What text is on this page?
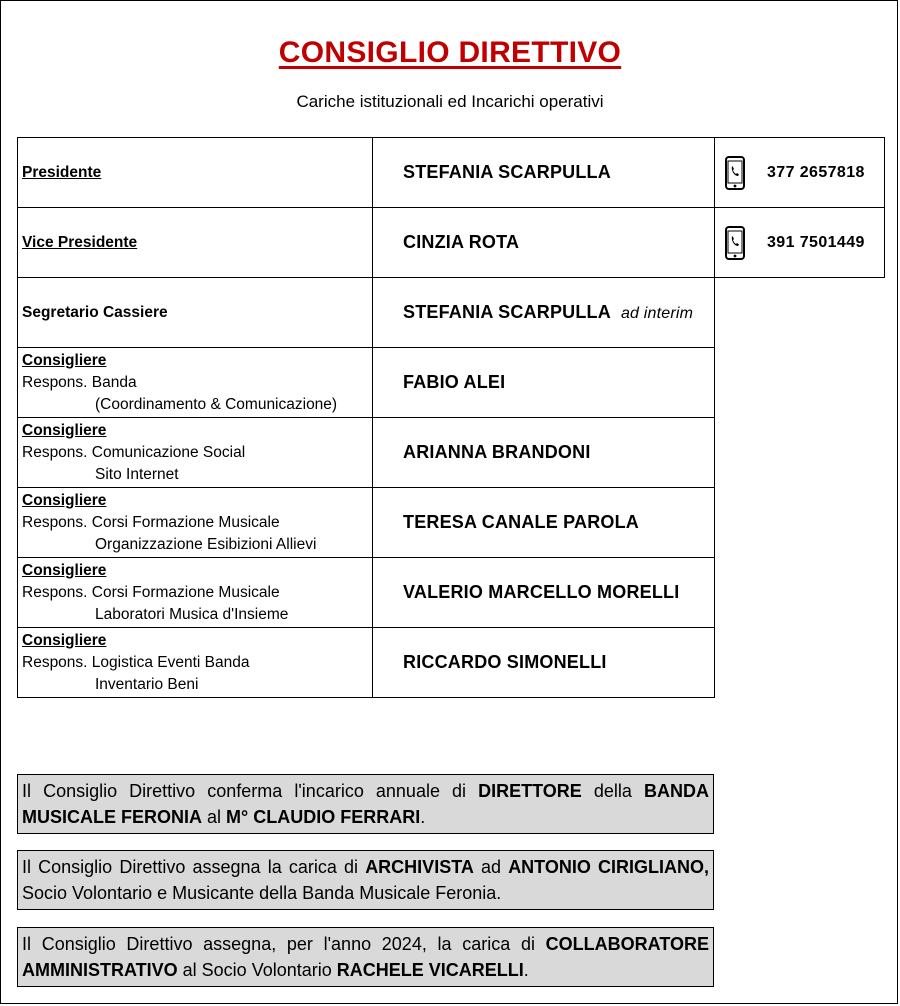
CONSIGLIO DIRETTIVO
Cariche istituzionali ed Incarichi operativi
Presidente	STEFANIA SCARPULLA	377 2657818

Vice Presidente	CINZIA ROTA	391 7501449

Segretario Cassiere	STEFANIA SCARPULLA ad interim	
Consigliere
Respons. Banda
(Coordinamento & Comunicazione)	FABIO ALEI	
Consigliere
Respons. Comunicazione Social
Sito Internet	ARIANNA BRANDONI	
Consigliere
Respons. Corsi Formazione Musicale
Organizzazione Esibizioni Allievi	TERESA CANALE PAROLA	
Consigliere
Respons. Corsi Formazione Musicale
Laboratori Musica d'Insieme	VALERIO MARCELLO MORELLI	
Consigliere
Respons. Logistica Eventi Banda
Inventario Beni	RICCARDO SIMONELLI	
Il Consiglio Direttivo conferma l'incarico annuale di DIRETTORE della BANDA MUSICALE FERONIA al M° CLAUDIO FERRARI.
Il Consiglio Direttivo assegna la carica di ARCHIVISTA ad ANTONIO CIRIGLIANO, Socio Volontario e Musicante della Banda Musicale Feronia.
Il Consiglio Direttivo assegna, per l'anno 2024, la carica di COLLABORATORE AMMINISTRATIVO al Socio Volontario RACHELE VICARELLI.
